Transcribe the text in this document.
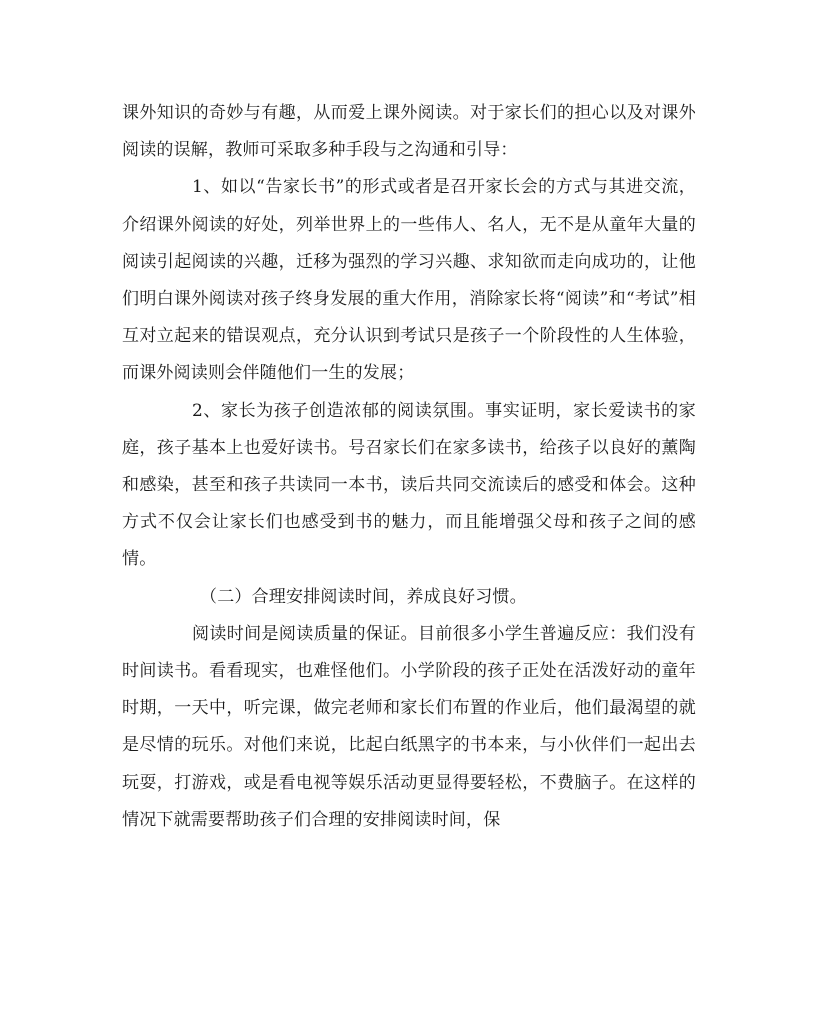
课外知识的奇妙与有趣，从而爱上课外阅读。对于家长们的担心以及对课外阅读的误解，教师可采取多种手段与之沟通和引导：

1、如以“告家长书”的形式或者是召开家长会的方式与其进交流，介绍课外阅读的好处，列举世界上的一些伟人、名人，无不是从童年大量的阅读引起阅读的兴趣，迁移为强烈的学习兴趣、求知欲而走向成功的，让他们明白课外阅读对孩子终身发展的重大作用，消除家长将“阅读”和“考试”相互对立起来的错误观点，充分认识到考试只是孩子一个阶段性的人生体验，而课外阅读则会伴随他们一生的发展；

2、家长为孩子创造浓郁的阅读氛围。事实证明，家长爱读书的家庭，孩子基本上也爱好读书。号召家长们在家多读书，给孩子以良好的薰陶和感染，甚至和孩子共读同一本书，读后共同交流读后的感受和体会。这种方式不仅会让家长们也感受到书的魅力，而且能增强父母和孩子之间的感情。

（二）合理安排阅读时间，养成良好习惯。

阅读时间是阅读质量的保证。目前很多小学生普遍反应：我们没有时间读书。看看现实，也难怪他们。小学阶段的孩子正处在活泼好动的童年时期，一天中，听完课，做完老师和家长们布置的作业后，他们最渴望的就是尽情的玩乐。对他们来说，比起白纸黑字的书本来，与小伙伴们一起出去玩耍，打游戏，或是看电视等娱乐活动更显得要轻松，不费脑子。在这样的情况下就需要帮助孩子们合理的安排阅读时间，保
